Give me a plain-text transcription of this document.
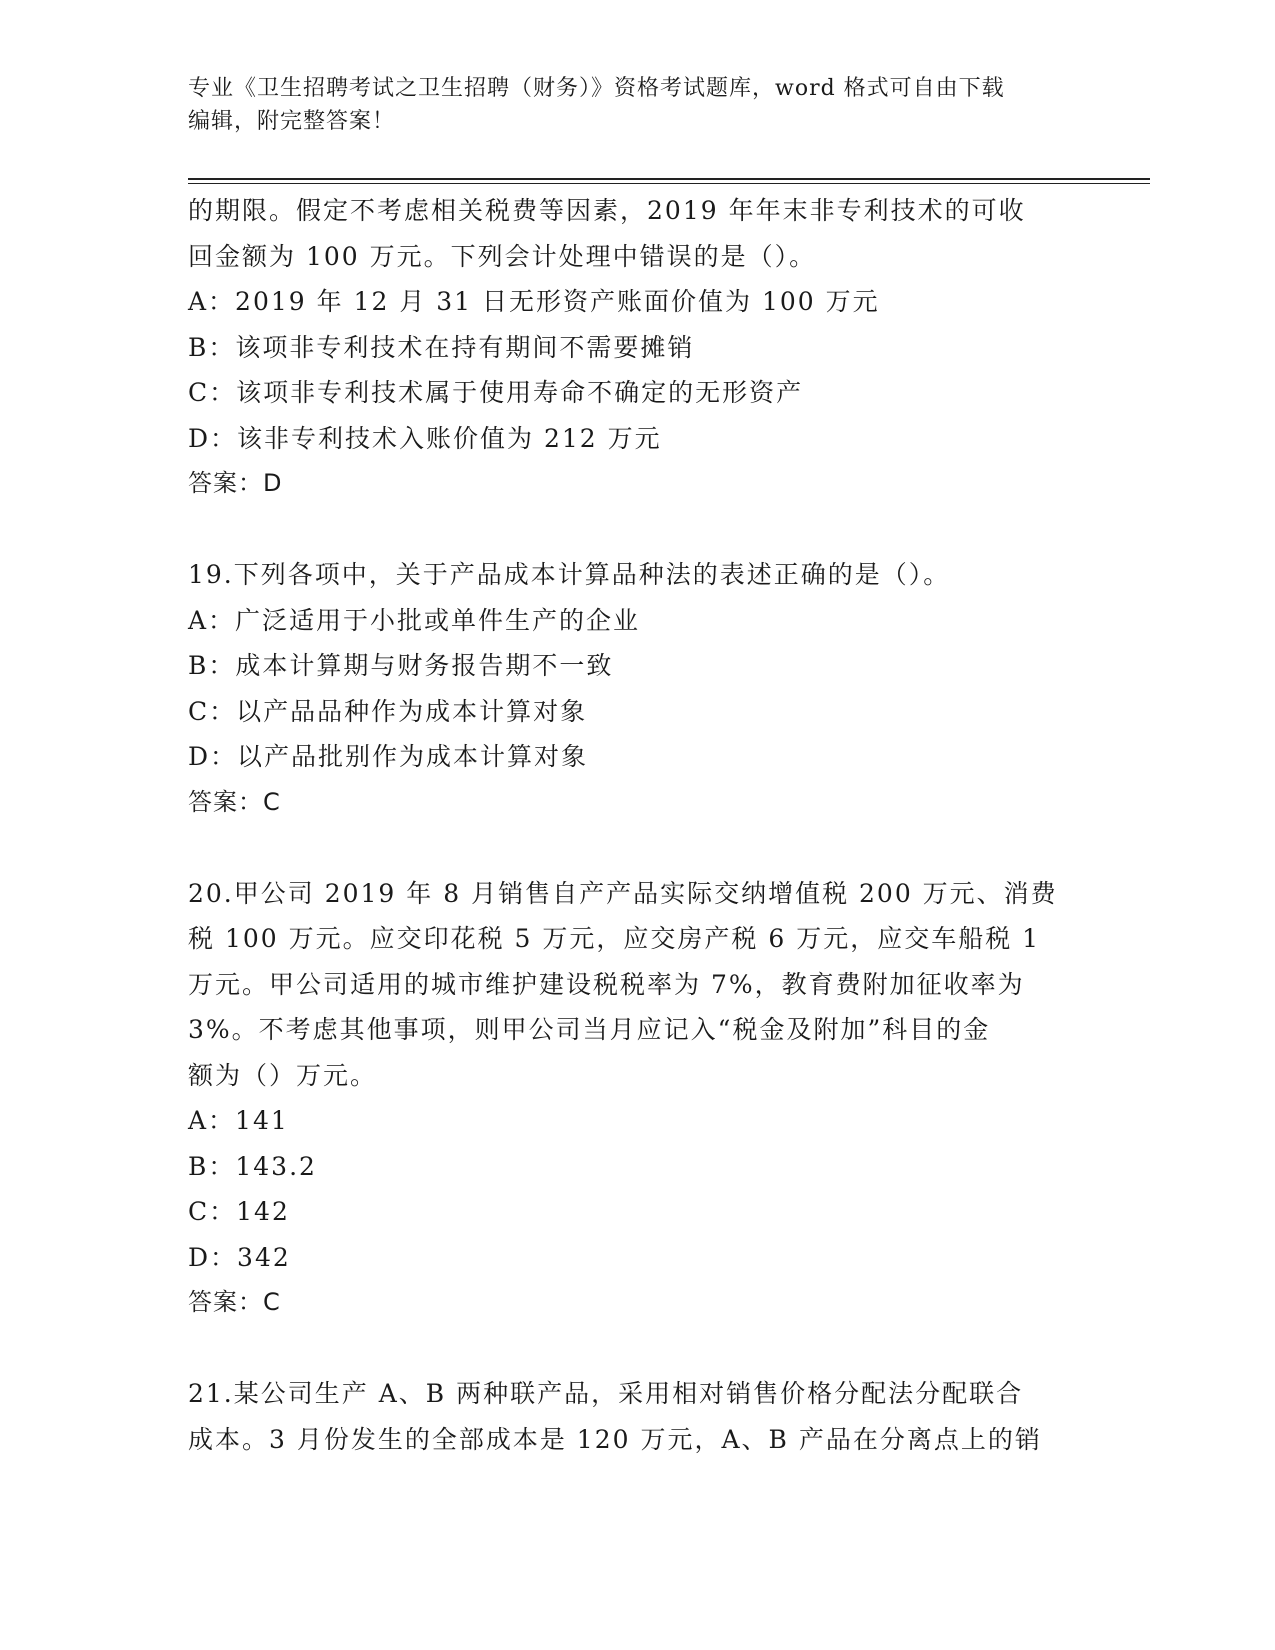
专业《卫生招聘考试之卫生招聘（财务）》资格考试题库，word 格式可自由下载
编辑，附完整答案！

的期限。假定不考虑相关税费等因素，2019 年年末非专利技术的可收

回金额为 100 万元。下列会计处理中错误的是（）。

A：2019 年 12 月 31 日无形资产账面价值为 100 万元

B：该项非专利技术在持有期间不需要摊销

C：该项非专利技术属于使用寿命不确定的无形资产

D：该非专利技术入账价值为 212 万元

答案：D

19.下列各项中，关于产品成本计算品种法的表述正确的是（）。

A：广泛适用于小批或单件生产的企业

B：成本计算期与财务报告期不一致

C：以产品品种作为成本计算对象

D：以产品批别作为成本计算对象

答案：C

20.甲公司 2019 年 8 月销售自产产品实际交纳增值税 200 万元、消费

税 100 万元。应交印花税 5 万元，应交房产税 6 万元，应交车船税 1

万元。甲公司适用的城市维护建设税税率为 7%，教育费附加征收率为

3%。不考虑其他事项，则甲公司当月应记入“税金及附加”科目的金

额为（）万元。

A：141

B：143.2

C：142

D：342

答案：C

21.某公司生产 A、B 两种联产品，采用相对销售价格分配法分配联合

成本。3 月份发生的全部成本是 120 万元，A、B 产品在分离点上的销
